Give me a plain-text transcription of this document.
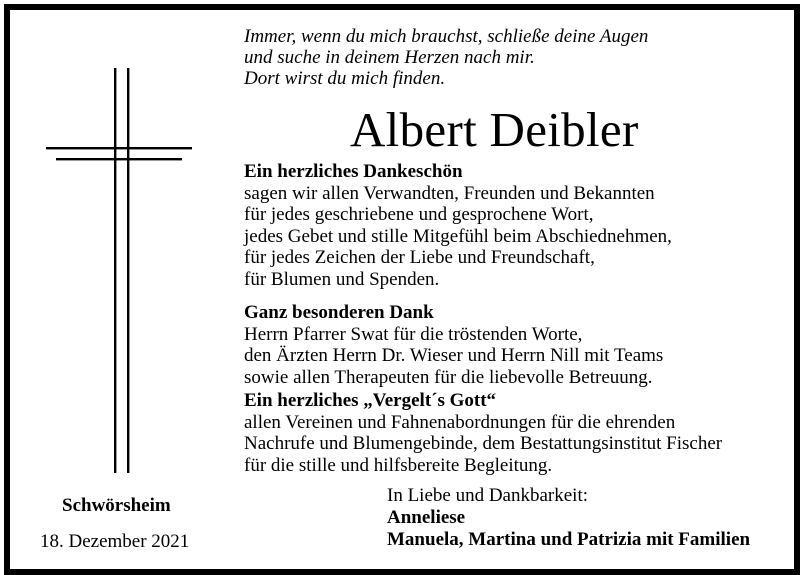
Immer, wenn du mich brauchst, schließe deine Augen
und suche in deinem Herzen nach mir.
Dort wirst du mich finden.
Albert Deibler
Ein herzliches Dankeschön
sagen wir allen Verwandten, Freunden und Bekannten
für jedes geschriebene und gesprochene Wort,
jedes Gebet und stille Mitgefühl beim Abschiednehmen,
für jedes Zeichen der Liebe und Freundschaft,
für Blumen und Spenden.
Ganz besonderen Dank
Herrn Pfarrer Swat für die tröstenden Worte,
den Ärzten Herrn Dr. Wieser und Herrn Nill mit Teams
sowie allen Therapeuten für die liebevolle Betreuung.
Ein herzliches „Vergelt´s Gott“
allen Vereinen und Fahnenabordnungen für die ehrenden
Nachrufe und Blumengebinde, dem Bestattungsinstitut Fischer
für die stille und hilfsbereite Begleitung.
Schwörsheim
18. Dezember 2021
In Liebe und Dankbarkeit:
Anneliese
Manuela, Martina und Patrizia mit Familien
